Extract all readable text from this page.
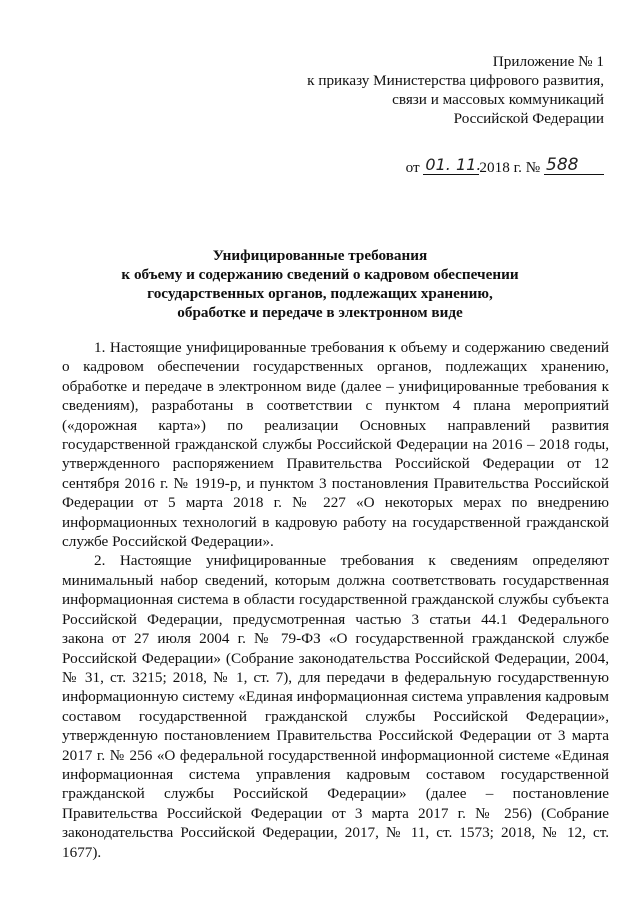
Приложение № 1
к приказу Министерства цифрового развития,
связи и массовых коммуникаций
Российской Федерации
от
01. 11.
2018 г. №
588
Унифицированные требования
к объему и содержанию сведений о кадровом обеспечении
государственных органов, подлежащих хранению,
обработке и передаче в электронном виде

1. Настоящие унифицированные требования к объему и содержанию сведений о кадровом обеспечении государственных органов, подлежащих хранению, обработке и передаче в электронном виде (далее – унифицированные требования к сведениям), разработаны в соответствии с пунктом 4 плана мероприятий («дорожная карта») по реализации Основных направлений развития государственной гражданской службы Российской Федерации на 2016 – 2018 годы, утвержденного распоряжением Правительства Российской Федерации от 12 сентября 2016 г. № 1919-р, и пунктом 3 постановления Правительства Российской Федерации от 5 марта 2018 г. № 227 «О некоторых мерах по внедрению информационных технологий в кадровую работу на государственной гражданской службе Российской Федерации».

2. Настоящие унифицированные требования к сведениям определяют минимальный набор сведений, которым должна соответствовать государственная информационная система в области государственной гражданской службы субъекта Российской Федерации, предусмотренная частью 3 статьи 44.1 Федерального закона от 27 июля 2004 г. № 79-ФЗ «О государственной гражданской службе Российской Федерации» (Собрание законодательства Российской Федерации, 2004, № 31, ст. 3215; 2018, № 1, ст. 7), для передачи в федеральную государственную информационную систему «Единая информационная система управления кадровым составом государственной гражданской службы Российской Федерации», утвержденную постановлением Правительства Российской Федерации от 3 марта 2017 г. № 256 «О федеральной государственной информационной системе «Единая информационная система управления кадровым составом государственной гражданской службы Российской Федерации» (далее – постановление Правительства Российской Федерации от 3 марта 2017 г. № 256) (Собрание законодательства Российской Федерации, 2017, № 11, ст. 1573; 2018, № 12, ст. 1677).
